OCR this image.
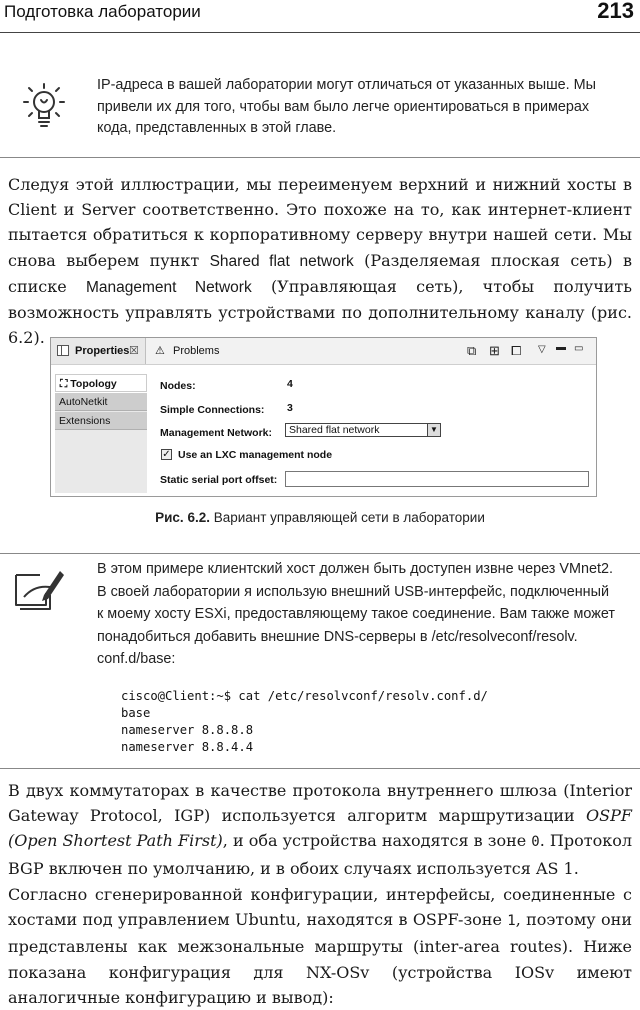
Подготовка лаборатории	213
IP-адреса в вашей лаборатории могут отличаться от указанных выше. Мы
привели их для того, чтобы вам было легче ориентироваться в примерах
кода, представленных в этой главе.
Следуя этой иллюстрации, мы переименуем верхний и нижний хосты в Client и Server соответственно. Это похоже на то, как интернет-клиент пытается обратиться к корпоративному серверу внутри нашей сети. Мы снова выберем пункт Shared flat network (Разделяемая плоская сеть) в списке Management Network (Управляющая сеть), чтобы получить возможность управлять устройствами по дополнительному каналу (рис. 6.2).
Properties ☒ ⚠ Problems	⧉ ⊞ ⧠ ▽ ▬ ▭
⛶ Topology
AutoNetkit
Extensions
Nodes:	4
Simple Connections: 3
Management Network:	Shared flat network	▼
✓ Use an LXC management node
Static serial port offset:
Рис. 6.2. Вариант управляющей сети в лаборатории
В этом примере клиентский хост должен быть доступен извне через VMnet2.
В своей лаборатории я использую внешний USB-интерфейс, подключенный
к моему хосту ESXi, предоставляющему такое соединение. Вам также может
понадобиться добавить внешние DNS-серверы в /etc/resolveconf/resolv.
conf.d/base:
cisco@Client:~$ cat /etc/resolvconf/resolv.conf.d/
base
nameserver 8.8.8.8
nameserver 8.8.4.4
В двух коммутаторах в качестве протокола внутреннего шлюза (Interior Gateway Protocol, IGP) используется алгоритм маршрутизации OSPF (Open Shortest Path First), и оба устройства находятся в зоне 0. Протокол BGP включен по умолчанию, и в обоих случаях используется AS 1.
Согласно сгенерированной конфигурации, интерфейсы, соединенные с хостами под управлением Ubuntu, находятся в OSPF-зоне 1, поэтому они представлены как межзональные маршруты (inter-area routes). Ниже показана конфигурация для NX-OSv (устройства IOSv имеют аналогичные конфигурацию и вывод):
